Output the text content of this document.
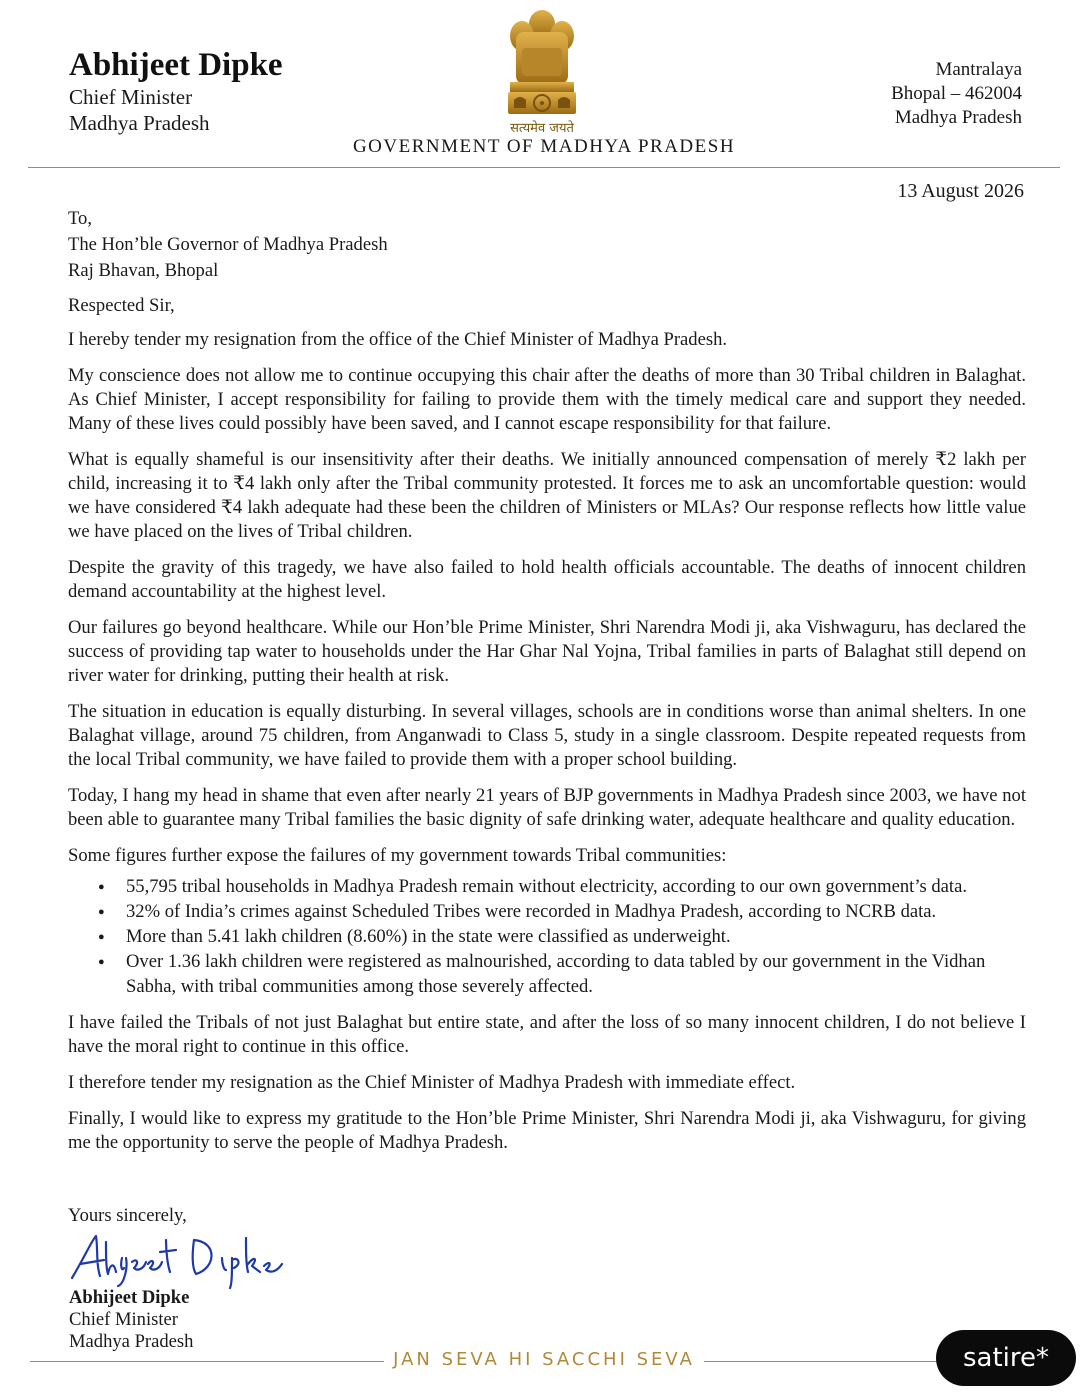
Abhijeet Dipke
Chief Minister
Madhya Pradesh	सत्यमेव जयते
Mantralaya
Bhopal – 462004
Madhya Pradesh
GOVERNMENT OF MADHYA PRADESH
13 August 2026
To,
The Hon’ble Governor of Madhya Pradesh
Raj Bhavan, Bhopal
Respected Sir,

I hereby tender my resignation from the office of the Chief Minister of Madhya Pradesh.

My conscience does not allow me to continue occupying this chair after the deaths of more than 30 Tribal children in Balaghat. As Chief Minister, I accept responsibility for failing to provide them with the timely medical care and support they needed. Many of these lives could possibly have been saved, and I cannot escape responsibility for that failure.

What is equally shameful is our insensitivity after their deaths. We initially announced compensation of merely ₹2 lakh per child, increasing it to ₹4 lakh only after the Tribal community protested. It forces me to ask an uncomfortable question: would we have considered ₹4 lakh adequate had these been the children of Ministers or MLAs? Our response reflects how little value we have placed on the lives of Tribal children.

Despite the gravity of this tragedy, we have also failed to hold health officials accountable. The deaths of innocent children demand accountability at the highest level.

Our failures go beyond healthcare. While our Hon’ble Prime Minister, Shri Narendra Modi ji, aka Vishwaguru, has declared the success of providing tap water to households under the Har Ghar Nal Yojna, Tribal families in parts of Balaghat still depend on river water for drinking, putting their health at risk.

The situation in education is equally disturbing. In several villages, schools are in conditions worse than animal shelters. In one Balaghat village, around 75 children, from Anganwadi to Class 5, study in a single classroom. Despite repeated requests from the local Tribal community, we have failed to provide them with a proper school building.

Today, I hang my head in shame that even after nearly 21 years of BJP governments in Madhya Pradesh since 2003, we have not been able to guarantee many Tribal families the basic dignity of safe drinking water, adequate healthcare and quality education.

Some figures further expose the failures of my government towards Tribal communities:

● 55,795 tribal households in Madhya Pradesh remain without electricity, according to our own government’s data.
● 32% of India’s crimes against Scheduled Tribes were recorded in Madhya Pradesh, according to NCRB data.
● More than 5.41 lakh children (8.60%) in the state were classified as underweight.
● Over 1.36 lakh children were registered as malnourished, according to data tabled by our government in the Vidhan Sabha, with tribal communities among those severely affected.

I have failed the Tribals of not just Balaghat but entire state, and after the loss of so many innocent children, I do not believe I have the moral right to continue in this office.

I therefore tender my resignation as the Chief Minister of Madhya Pradesh with immediate effect.

Finally, I would like to express my gratitude to the Hon’ble Prime Minister, Shri Narendra Modi ji, aka Vishwaguru, for giving me the opportunity to serve the people of Madhya Pradesh.

Yours sincerely,
Abhijeet Dipke
Chief Minister
Madhya Pradesh
JAN SEVA HI SACCHI SEVA	satire*
